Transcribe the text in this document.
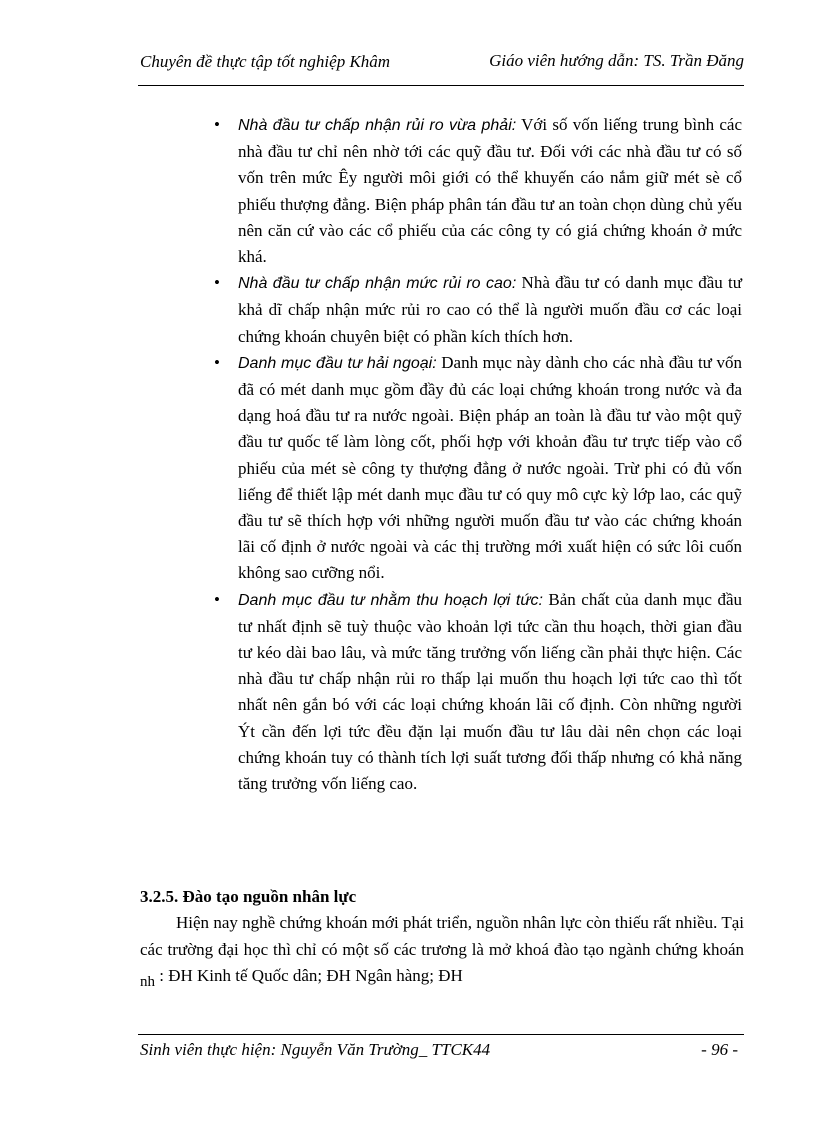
Chuyên đề thực tập tốt nghiệp Khâm	Giáo viên hướng dẫn: TS. Trần Đăng
• Nhà đầu tư chấp nhận rủi ro vừa phải: Với số vốn liếng trung bình các nhà đầu tư chỉ nên nhờ tới các quỹ đầu tư. Đối với các nhà đầu tư có số vốn trên mức Êy người môi giới có thể khuyến cáo nắm giữ mét sè cổ phiếu thượng đẳng. Biện pháp phân tán đầu tư an toàn chọn dùng chủ yếu nên căn cứ vào các cổ phiếu của các công ty có giá chứng khoán ở mức khá.
• Nhà đầu tư chấp nhận mức rủi ro cao: Nhà đầu tư có danh mục đầu tư khả dĩ chấp nhận mức rủi ro cao có thể là người muốn đầu cơ các loại chứng khoán chuyên biệt có phần kích thích hơn.
• Danh mục đầu tư hải ngoại: Danh mục này dành cho các nhà đầu tư vốn đã có mét danh mục gồm đầy đủ các loại chứng khoán trong nước và đa dạng hoá đầu tư ra nước ngoài. Biện pháp an toàn là đầu tư vào một quỹ đầu tư quốc tế làm lòng cốt, phối hợp với khoản đầu tư trực tiếp vào cổ phiếu của mét sè công ty thượng đẳng ở nước ngoài. Trừ phi có đủ vốn liếng để thiết lập mét danh mục đầu tư có quy mô cực kỳ lớp lao, các quỹ đầu tư sẽ thích hợp với những người muốn đầu tư vào các chứng khoán lãi cố định ở nước ngoài và các thị trường mới xuất hiện có sức lôi cuốn không sao cưỡng nổi.
• Danh mục đầu tư nhằm thu hoạch lợi tức: Bản chất của danh mục đầu tư nhất định sẽ tuỳ thuộc vào khoản lợi tức cần thu hoạch, thời gian đầu tư kéo dài bao lâu, và mức tăng trưởng vốn liếng cần phải thực hiện. Các nhà đầu tư chấp nhận rủi ro thấp lại muốn thu hoạch lợi tức cao thì tốt nhất nên gắn bó với các loại chứng khoán lãi cố định. Còn những người Ýt cần đến lợi tức đều đặn lại muốn đầu tư lâu dài nên chọn các loại chứng khoán tuy có thành tích lợi suất tương đối thấp nhưng có khả năng tăng trưởng vốn liếng cao.
3.2.5. Đào tạo nguồn nhân lực

Hiện nay nghề chứng khoán mới phát triển, nguồn nhân lực còn thiếu rất nhiều. Tại các trường đại học thì chỉ có một số các trương là mở khoá đào tạo ngành chứng khoán nh : ĐH Kinh tế Quốc dân; ĐH Ngân hàng; ĐH

Sinh viên thực hiện: Nguyễn Văn Trường_ TTCK44	- 96 -
